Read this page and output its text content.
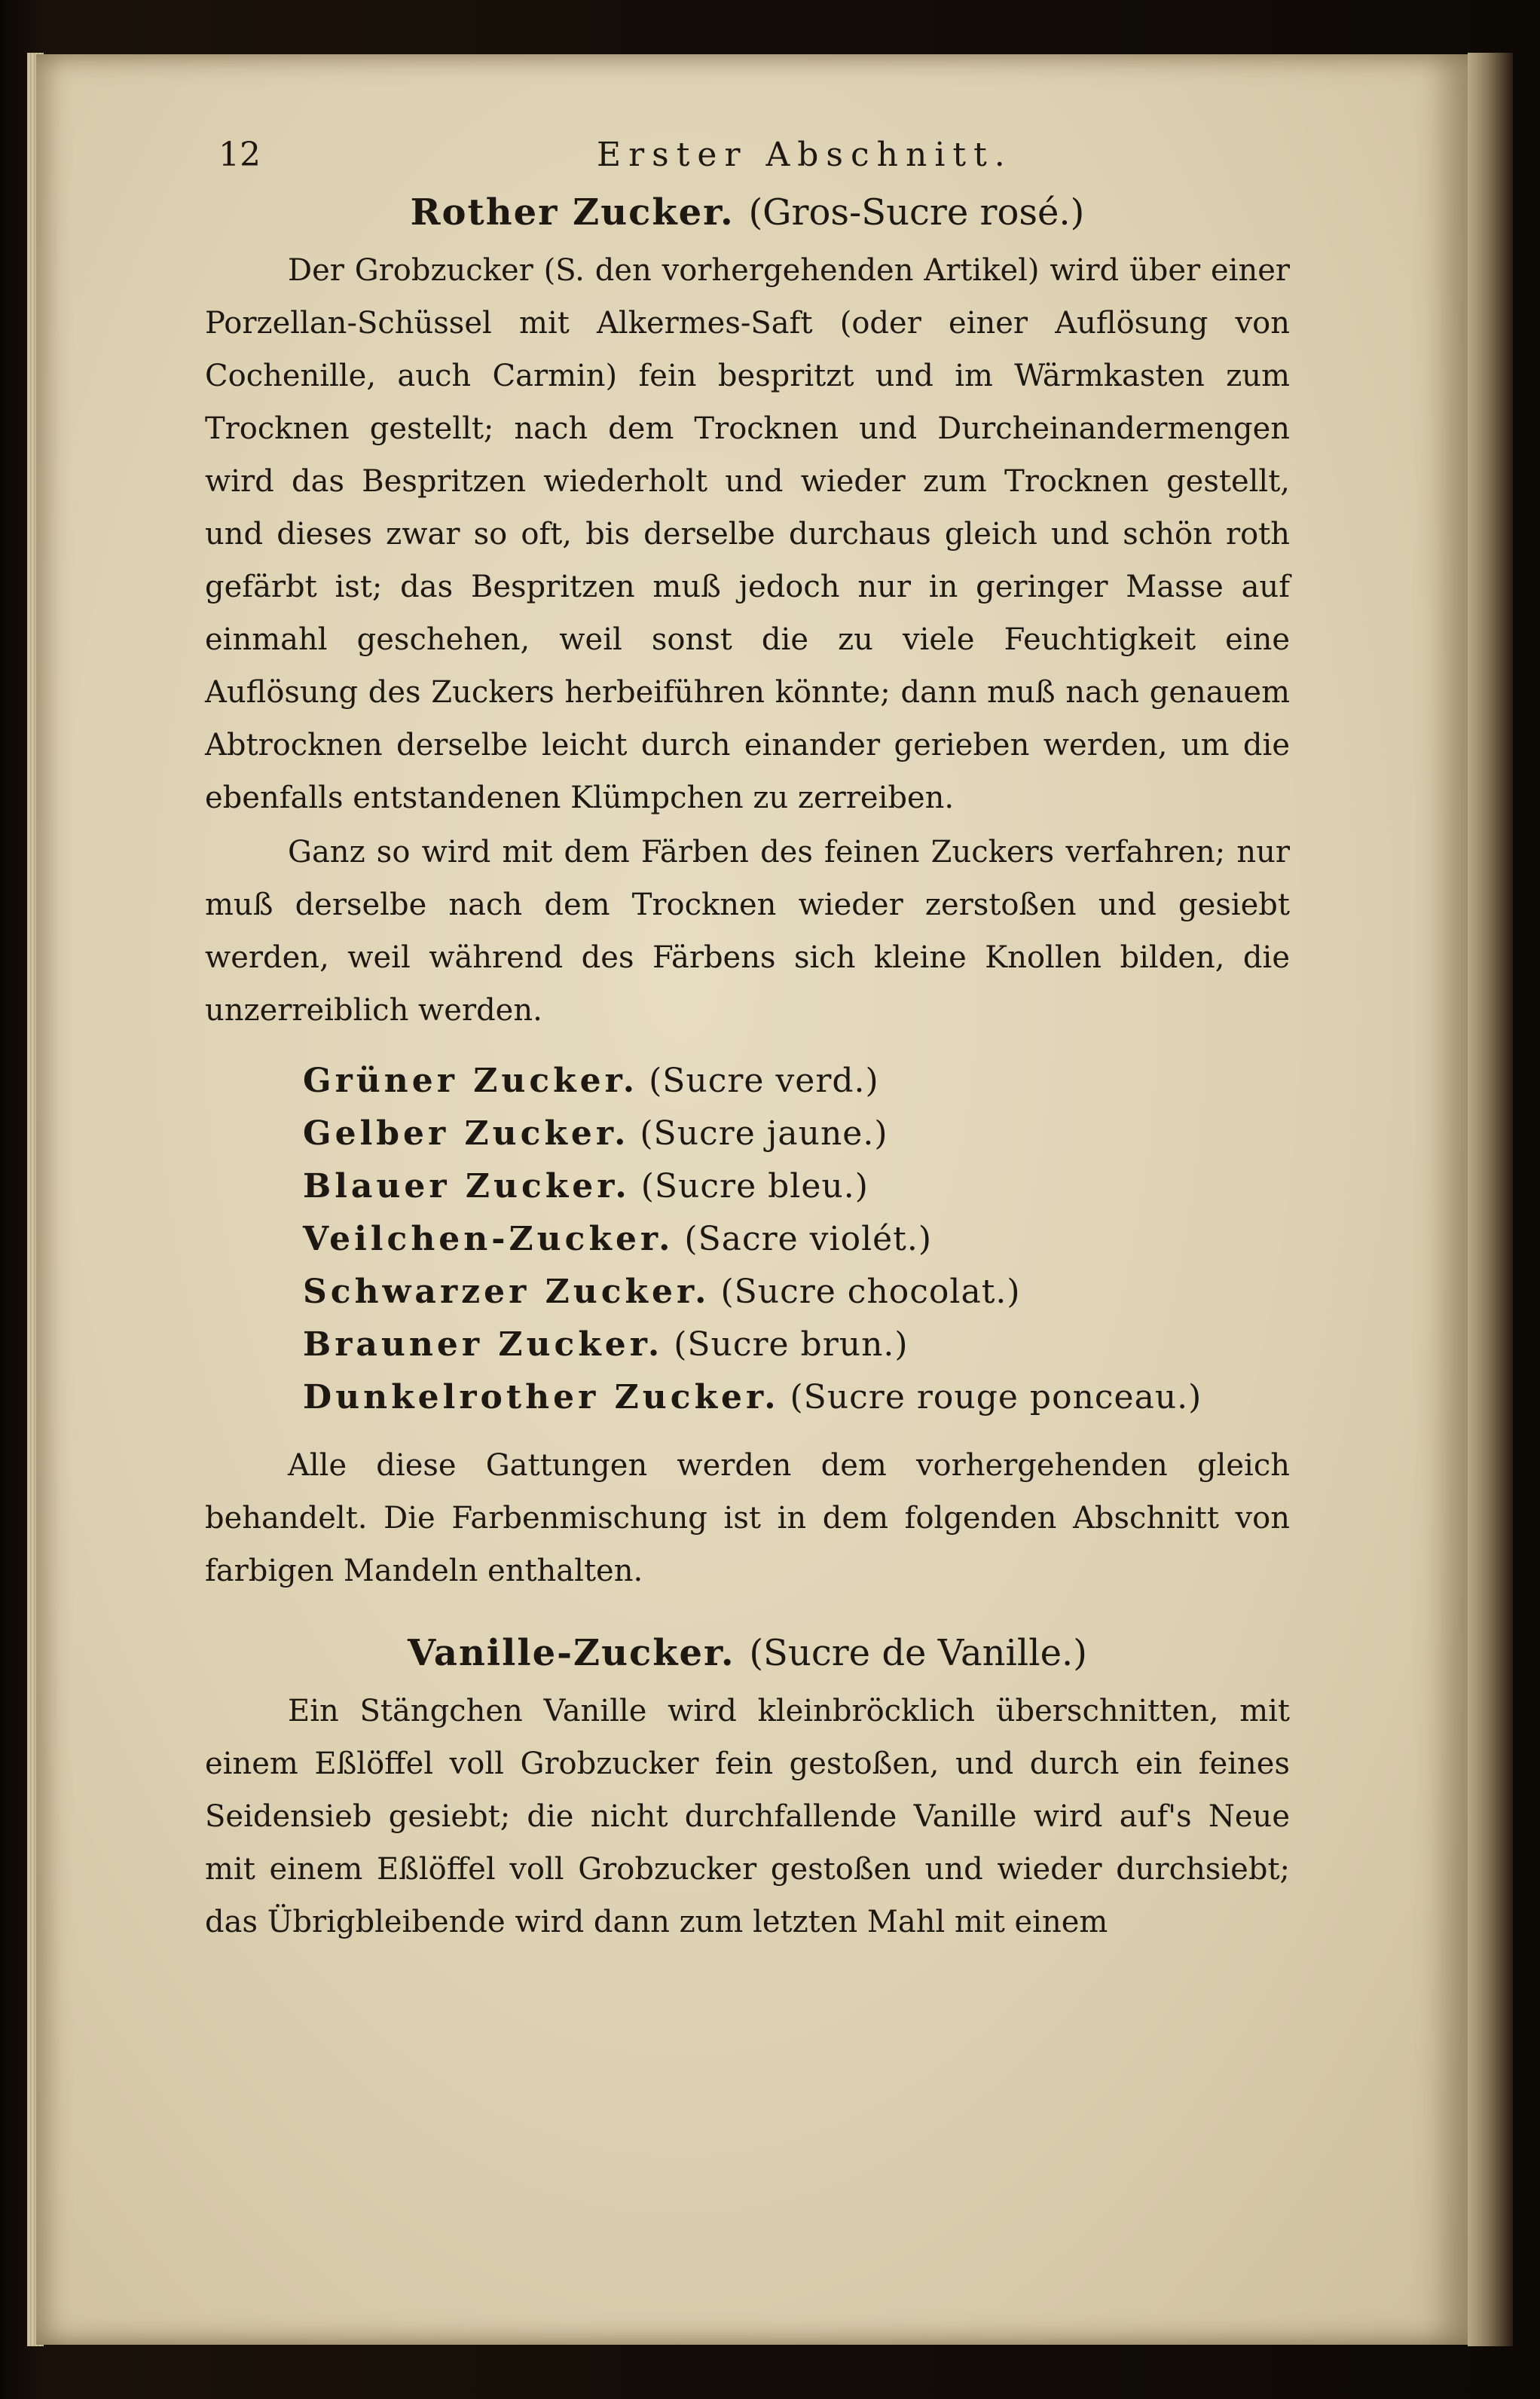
12	Erster Abschnitt.
Rother Zucker. (Gros-Sucre rosé.)

Der Grobzucker (S. den vorhergehenden Artikel) wird über einer Porzellan-Schüssel mit Alkermes-Saft (oder einer Auflösung von Cochenille, auch Carmin) fein bespritzt und im Wärmkasten zum Trocknen gestellt; nach dem Trocknen und Durcheinandermengen wird das Bespritzen wiederholt und wieder zum Trocknen gestellt, und dieses zwar so oft, bis derselbe durchaus gleich und schön roth gefärbt ist; das Bespritzen muß jedoch nur in geringer Masse auf einmahl geschehen, weil sonst die zu viele Feuchtigkeit eine Auflösung des Zuckers herbeiführen könnte; dann muß nach genauem Abtrocknen derselbe leicht durch einander gerieben werden, um die ebenfalls entstandenen Klümpchen zu zerreiben.

Ganz so wird mit dem Färben des feinen Zuckers verfahren; nur muß derselbe nach dem Trocknen wieder zerstoßen und gesiebt werden, weil während des Färbens sich kleine Knollen bilden, die unzerreiblich werden.

Grüner Zucker. (Sucre verd.)
Gelber Zucker. (Sucre jaune.)
Blauer Zucker. (Sucre bleu.)
Veilchen-Zucker. (Sacre violét.)
Schwarzer Zucker. (Sucre chocolat.)
Brauner Zucker. (Sucre brun.)
Dunkelrother Zucker. (Sucre rouge ponceau.)

Alle diese Gattungen werden dem vorhergehenden gleich behandelt. Die Farbenmischung ist in dem folgenden Abschnitt von farbigen Mandeln enthalten.

Vanille-Zucker. (Sucre de Vanille.)

Ein Stängchen Vanille wird kleinbröcklich überschnitten, mit einem Eßlöffel voll Grobzucker fein gestoßen, und durch ein feines Seidensieb gesiebt; die nicht durchfallende Vanille wird auf's Neue mit einem Eßlöffel voll Grobzucker gestoßen und wieder durchsiebt; das Übrigbleibende wird dann zum letzten Mahl mit einem
